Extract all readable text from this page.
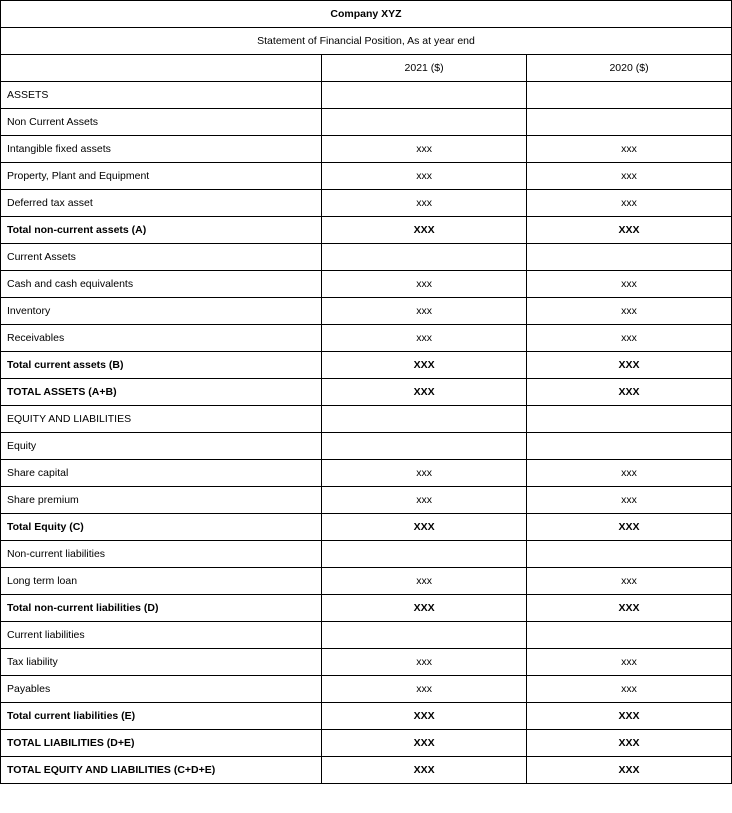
Company XYZ		
Statement of Financial Position, As at year end		
	2021 ($)	2020 ($)
ASSETS		
Non Current Assets		
Intangible fixed assets	xxx	xxx
Property, Plant and Equipment	xxx	xxx
Deferred tax asset	xxx	xxx
Total non-current assets (A)	XXX	XXX
Current Assets		
Cash and cash equivalents	xxx	xxx
Inventory	xxx	xxx
Receivables	xxx	xxx
Total current assets (B)	XXX	XXX
TOTAL ASSETS (A+B)	XXX	XXX
EQUITY AND LIABILITIES		
Equity		
Share capital	xxx	xxx
Share premium	xxx	xxx
Total Equity (C)	XXX	XXX
Non-current liabilities		
Long term loan	xxx	xxx
Total non-current liabilities (D)	XXX	XXX
Current liabilities		
Tax liability	xxx	xxx
Payables	xxx	xxx
Total current liabilities (E)	XXX	XXX
TOTAL LIABILITIES (D+E)	XXX	XXX
TOTAL EQUITY AND LIABILITIES (C+D+E)	XXX	XXX
